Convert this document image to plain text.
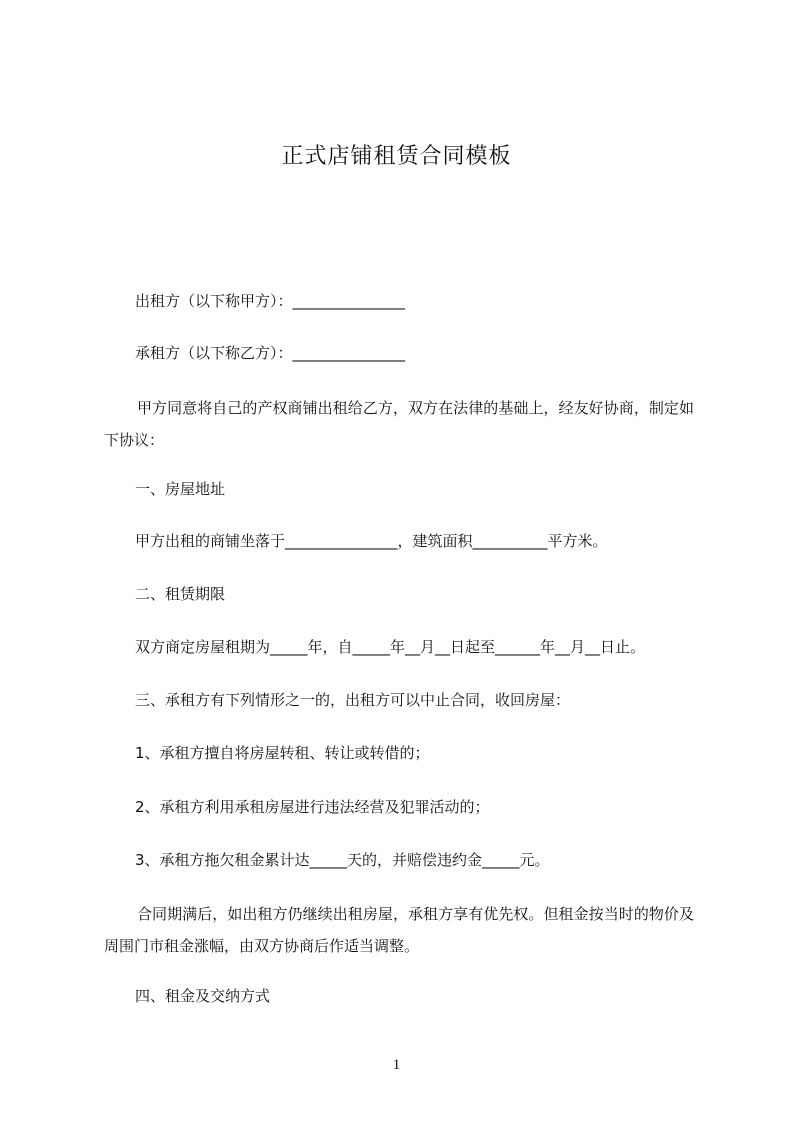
正式店铺租赁合同模板
出租方（以下称甲方）：_______________
承租方（以下称乙方）：_______________
甲方同意将自己的产权商铺出租给乙方，双方在法律的基础上，经友好协商，制定如下协议：
一、房屋地址
甲方出租的商铺坐落于_______________，建筑面积__________平方米。
二、租赁期限
双方商定房屋租期为_____年，自_____年__月__日起至______年__月__日止。
三、承租方有下列情形之一的，出租方可以中止合同，收回房屋：
1、承租方擅自将房屋转租、转让或转借的；
2、承租方利用承租房屋进行违法经营及犯罪活动的；
3、承租方拖欠租金累计达_____天的，并赔偿违约金_____元。
合同期满后，如出租方仍继续出租房屋，承租方享有优先权。但租金按当时的物价及周围门市租金涨幅，由双方协商后作适当调整。
四、租金及交纳方式
1
